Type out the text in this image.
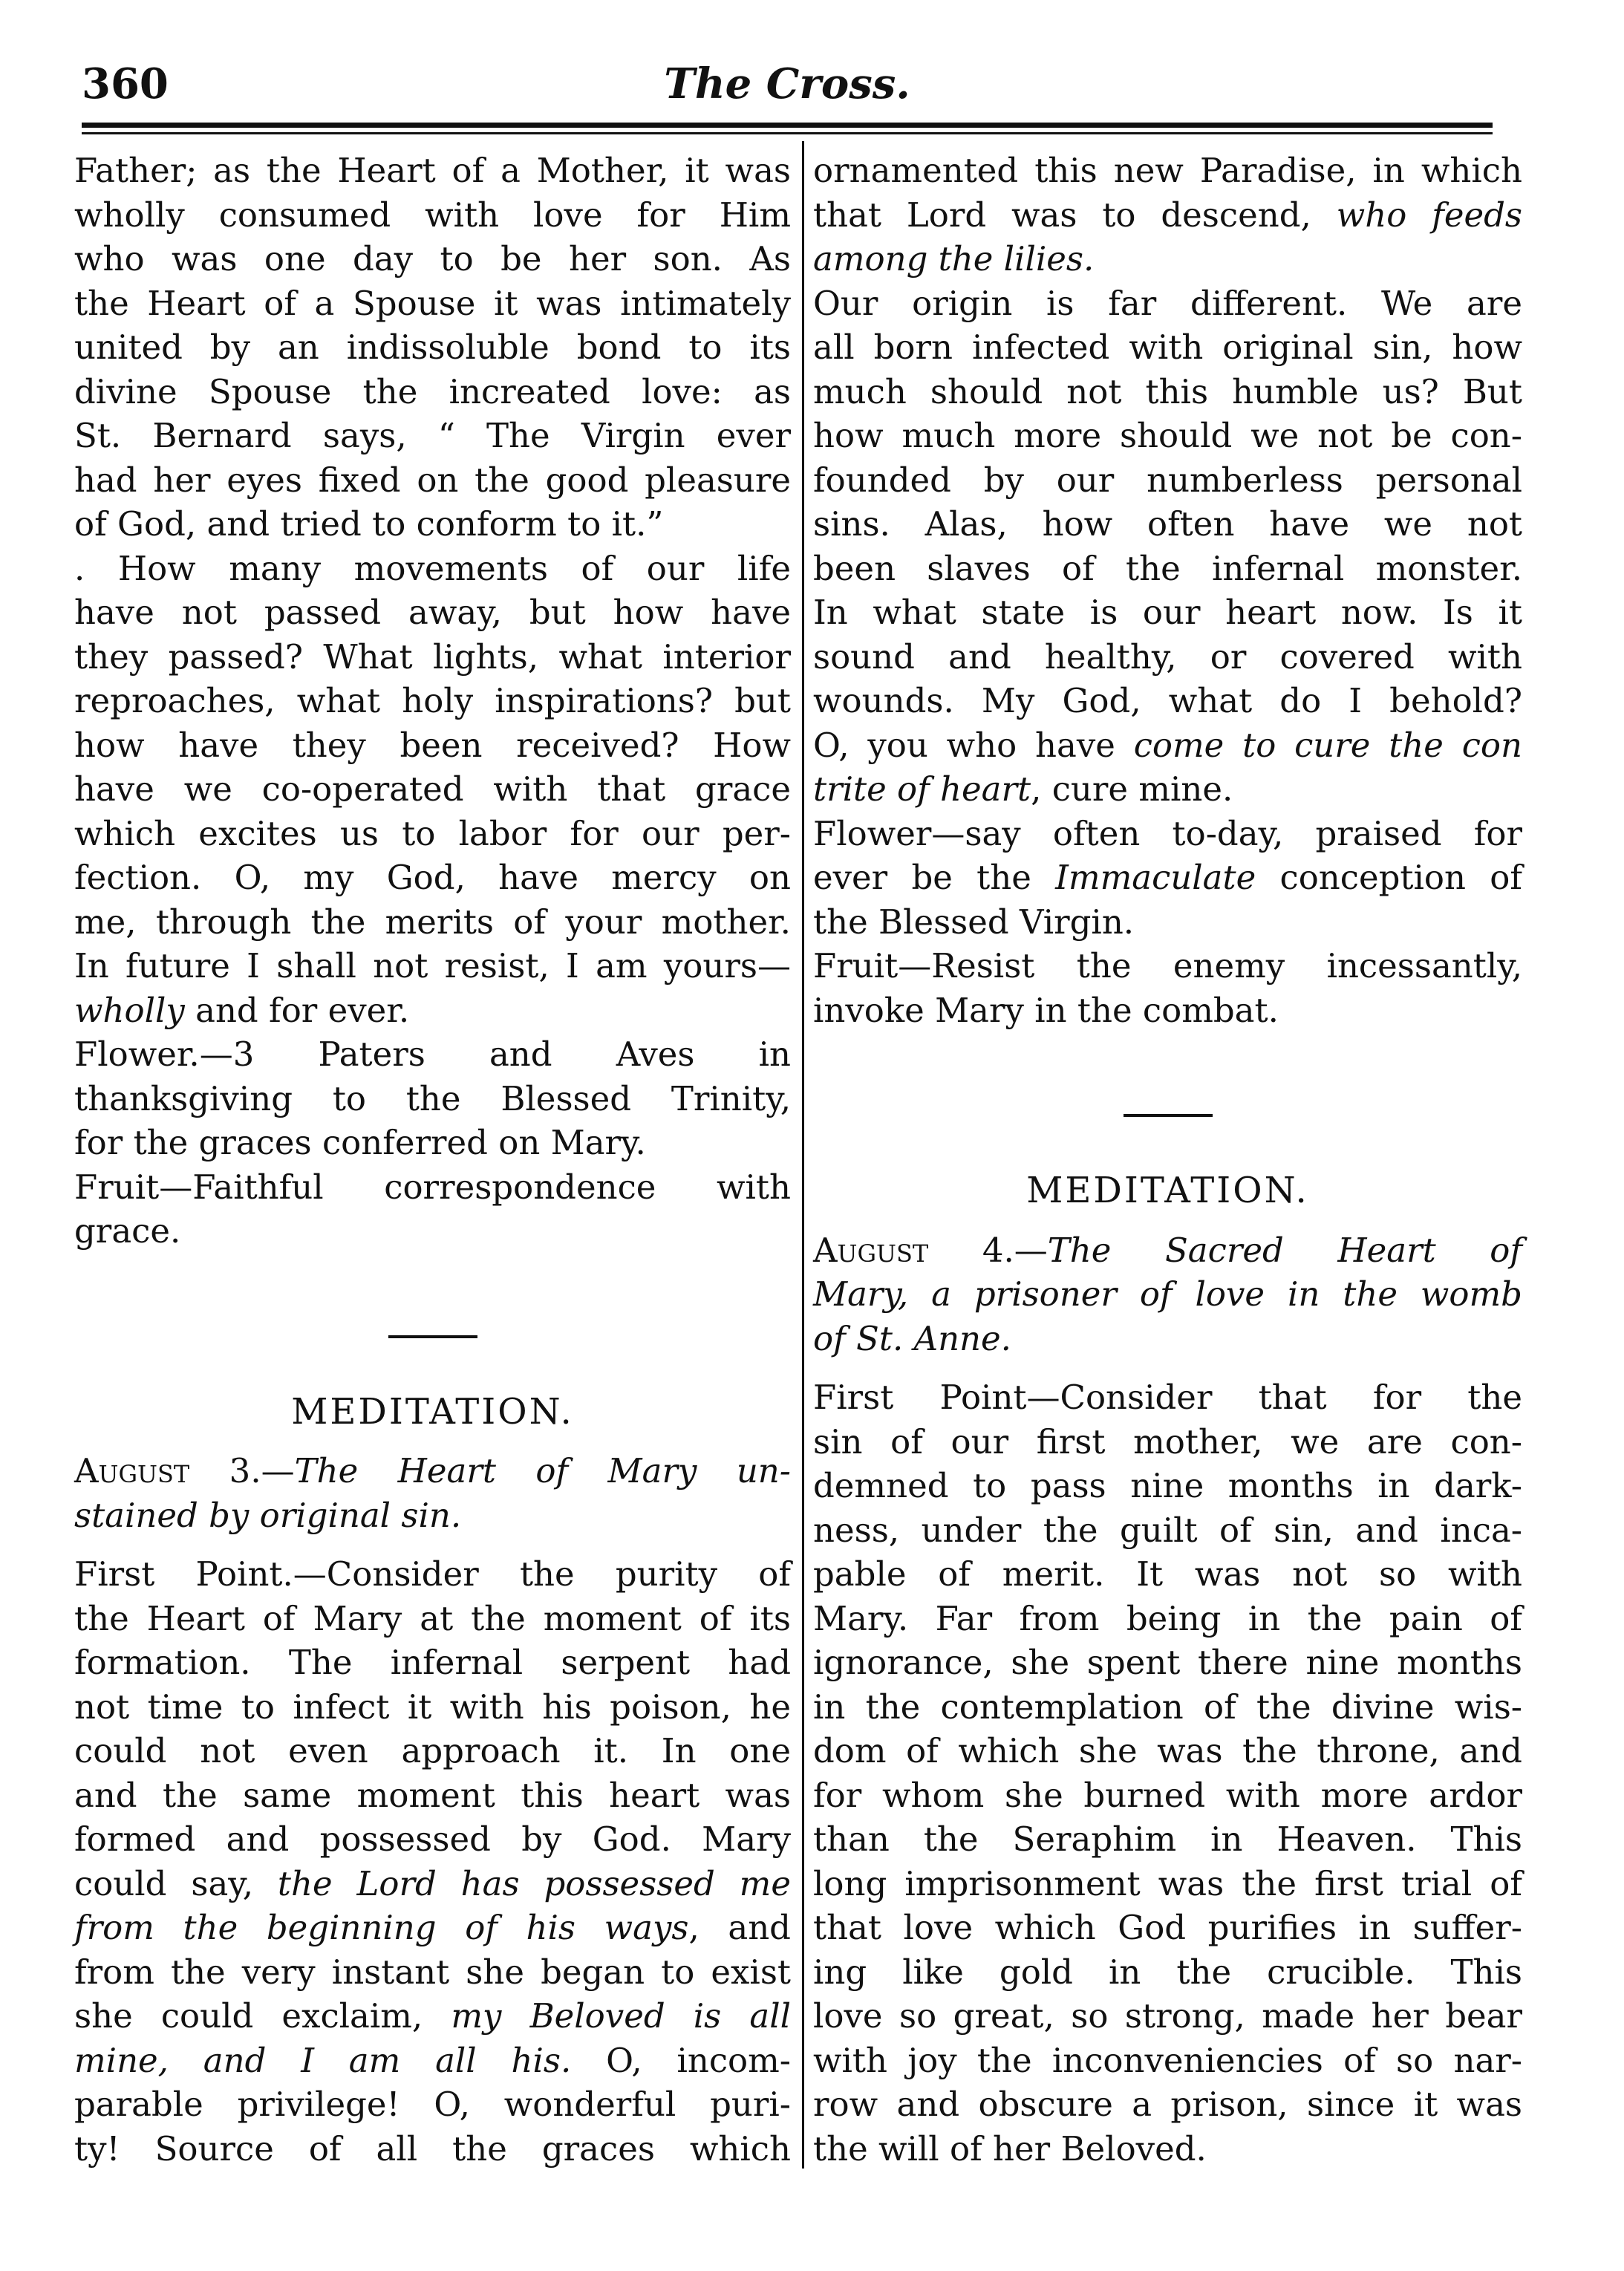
360	The Cross.
Father; as the Heart of a Mother, it was
wholly consumed with love for Him
who was one day to be her son. As
the Heart of a Spouse it was intimately
united by an indissoluble bond to its
divine Spouse the increated love: as
St. Bernard says, “ The Virgin ever
had her eyes fixed on the good pleasure
of God, and tried to conform to it.”
. How many movements of our life
have not passed away, but how have
they passed? What lights, what interior
reproaches, what holy inspirations? but
how have they been received? How
have we co-operated with that grace
which excites us to labor for our per-
fection. O, my God, have mercy on
me, through the merits of your mother.
In future I shall not resist, I am yours—
wholly and for ever.
Flower.—3 Paters and Aves in
thanksgiving to the Blessed Trinity,
for the graces conferred on Mary.
Fruit—Faithful correspondence with
grace.
MEDITATION.
August 3.—The Heart of Mary un-
stained by original sin.
First Point.—Consider the purity of
the Heart of Mary at the moment of its
formation. The infernal serpent had
not time to infect it with his poison, he
could not even approach it. In one
and the same moment this heart was
formed and possessed by God. Mary
could say, the Lord has possessed me
from the beginning of his ways, and
from the very instant she began to exist
she could exclaim, my Beloved is all
mine, and I am all his. O, incom-
parable privilege! O, wonderful puri-
ty! Source of all the graces which
ornamented this new Paradise, in which
that Lord was to descend, who feeds
among the lilies.
Our origin is far different. We are
all born infected with original sin, how
much should not this humble us? But
how much more should we not be con-
founded by our numberless personal
sins. Alas, how often have we not
been slaves of the infernal monster.
In what state is our heart now. Is it
sound and healthy, or covered with
wounds. My God, what do I behold?
O, you who have come to cure the con
trite of heart, cure mine.
Flower—say often to-day, praised for
ever be the Immaculate conception of
the Blessed Virgin.
Fruit—Resist the enemy incessantly,
invoke Mary in the combat.
MEDITATION.
August 4.—The Sacred Heart of
Mary, a prisoner of love in the womb
of St. Anne.
First Point—Consider that for the
sin of our first mother, we are con-
demned to pass nine months in dark-
ness, under the guilt of sin, and inca-
pable of merit. It was not so with
Mary. Far from being in the pain of
ignorance, she spent there nine months
in the contemplation of the divine wis-
dom of which she was the throne, and
for whom she burned with more ardor
than the Seraphim in Heaven. This
long imprisonment was the first trial of
that love which God purifies in suffer-
ing like gold in the crucible. This
love so great, so strong, made her bear
with joy the inconveniencies of so nar-
row and obscure a prison, since it was
the will of her Beloved.
